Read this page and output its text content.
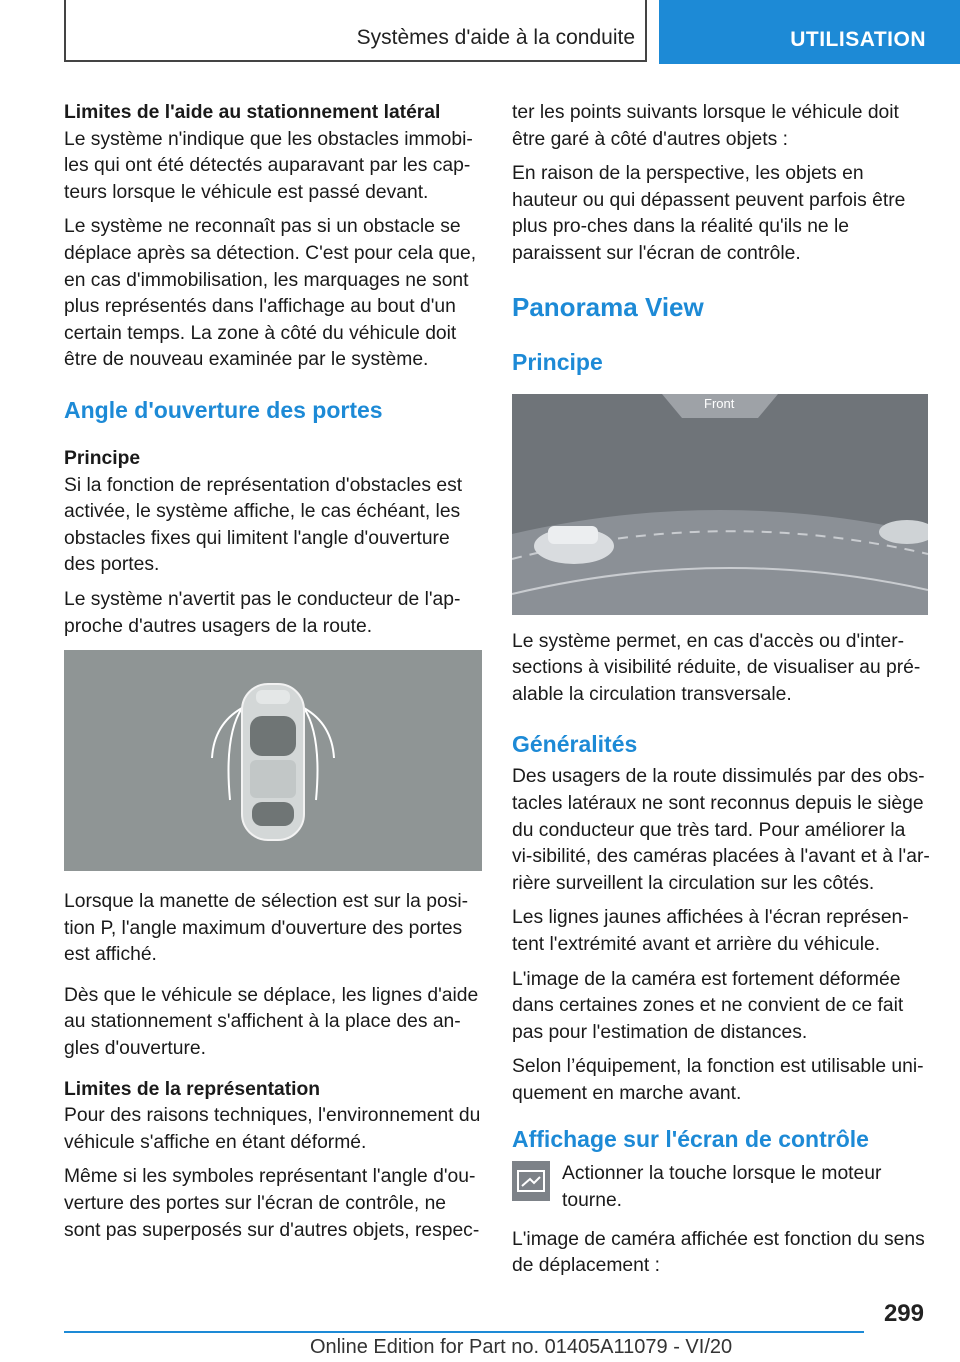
Systèmes d'aide à la conduite	UTILISATION
Limites de l'aide au stationnement latéral

Le système n'indique que les obstacles immobi-les qui ont été détectés auparavant par les cap-teurs lorsque le véhicule est passé devant.

Le système ne reconnaît pas si un obstacle se déplace après sa détection. C'est pour cela que, en cas d'immobilisation, les marquages ne sont plus représentés dans l'affichage au bout d'un certain temps. La zone à côté du véhicule doit être de nouveau examinée par le système.

Angle d'ouverture des portes
Principe

Si la fonction de représentation d'obstacles est activée, le système affiche, le cas échéant, les obstacles fixes qui limitent l'angle d'ouverture des portes.

Le système n'avertit pas le conducteur de l'ap-proche d'autres usagers de la route.

Lorsque la manette de sélection est sur la posi-tion P, l'angle maximum d'ouverture des portes est affiché.

Dès que le véhicule se déplace, les lignes d'aide au stationnement s'affichent à la place des an-gles d'ouverture.

Limites de la représentation

Pour des raisons techniques, l'environnement du véhicule s'affiche en étant déformé.

Même si les symboles représentant l'angle d'ou-verture des portes sur l'écran de contrôle, ne sont pas superposés sur d'autres objets, respec-

ter les points suivants lorsque le véhicule doit être garé à côté d'autres objets :

En raison de la perspective, les objets en hauteur ou qui dépassent peuvent parfois être plus pro-ches dans la réalité qu'ils ne le paraissent sur l'écran de contrôle.

Panorama View
Principe
Front

Le système permet, en cas d'accès ou d'inter-sections à visibilité réduite, de visualiser au pré-alable la circulation transversale.

Généralités

Des usagers de la route dissimulés par des obs-tacles latéraux ne sont reconnus depuis le siège du conducteur que très tard. Pour améliorer la vi-sibilité, des caméras placées à l'avant et à l'ar-rière surveillent la circulation sur les côtés.

Les lignes jaunes affichées à l'écran représen-tent l'extrémité avant et arrière du véhicule.

L'image de la caméra est fortement déformée dans certaines zones et ne convient de ce fait pas pour l'estimation de distances.

Selon l’équipement, la fonction est utilisable uni-quement en marche avant.

Affichage sur l'écran de contrôle

Actionner la touche lorsque le moteur tourne.

L'image de caméra affichée est fonction du sens de déplacement :

299
Online Edition for Part no. 01405A11079 - VI/20
